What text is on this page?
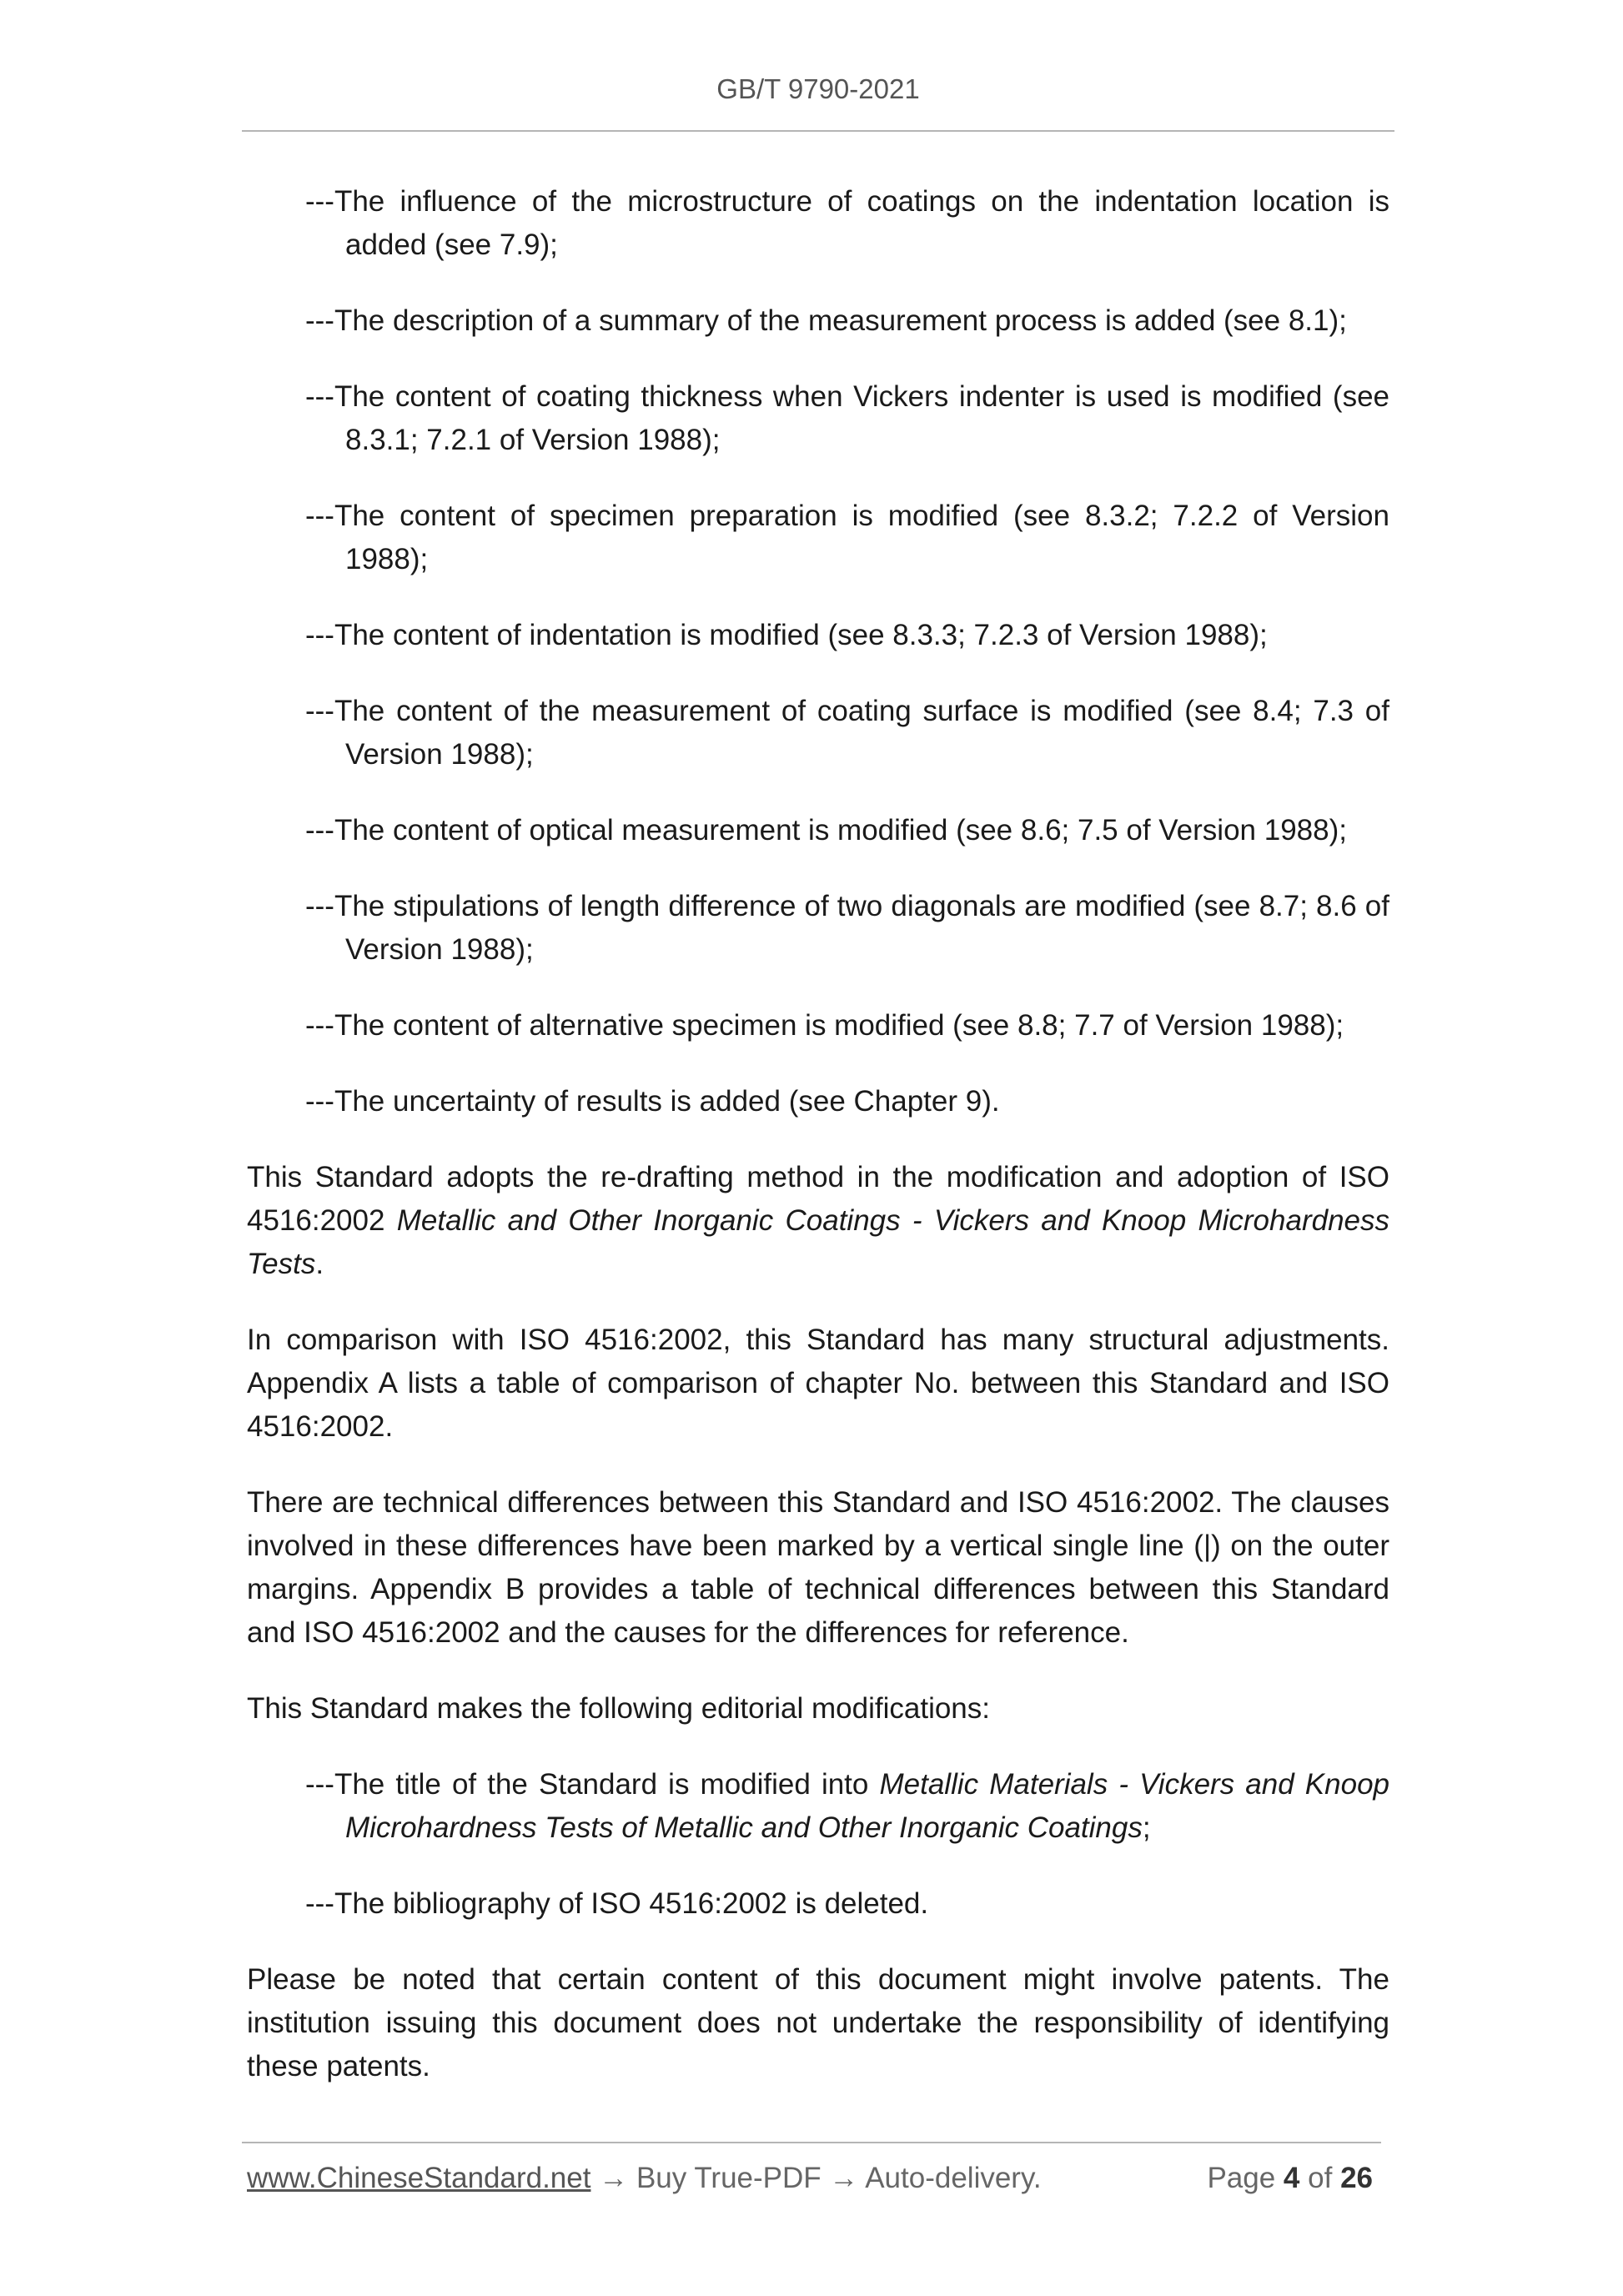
GB/T 9790-2021
---The influence of the microstructure of coatings on the indentation location is added (see 7.9);
---The description of a summary of the measurement process is added (see 8.1);
---The content of coating thickness when Vickers indenter is used is modified (see 8.3.1; 7.2.1 of Version 1988);
---The content of specimen preparation is modified (see 8.3.2; 7.2.2 of Version 1988);
---The content of indentation is modified (see 8.3.3; 7.2.3 of Version 1988);
---The content of the measurement of coating surface is modified (see 8.4; 7.3 of Version 1988);
---The content of optical measurement is modified (see 8.6; 7.5 of Version 1988);
---The stipulations of length difference of two diagonals are modified (see 8.7; 8.6 of Version 1988);
---The content of alternative specimen is modified (see 8.8; 7.7 of Version 1988);
---The uncertainty of results is added (see Chapter 9).

This Standard adopts the re-drafting method in the modification and adoption of ISO 4516:2002 Metallic and Other Inorganic Coatings - Vickers and Knoop Microhardness Tests.

In comparison with ISO 4516:2002, this Standard has many structural adjustments. Appendix A lists a table of comparison of chapter No. between this Standard and ISO 4516:2002.

There are technical differences between this Standard and ISO 4516:2002. The clauses involved in these differences have been marked by a vertical single line (|) on the outer margins. Appendix B provides a table of technical differences between this Standard and ISO 4516:2002 and the causes for the differences for reference.

This Standard makes the following editorial modifications:

---The title of the Standard is modified into Metallic Materials - Vickers and Knoop Microhardness Tests of Metallic and Other Inorganic Coatings;
---The bibliography of ISO 4516:2002 is deleted.

Please be noted that certain content of this document might involve patents. The institution issuing this document does not undertake the responsibility of identifying these patents.

www.ChineseStandard.net → Buy True-PDF → Auto-delivery.	Page 4 of 26
